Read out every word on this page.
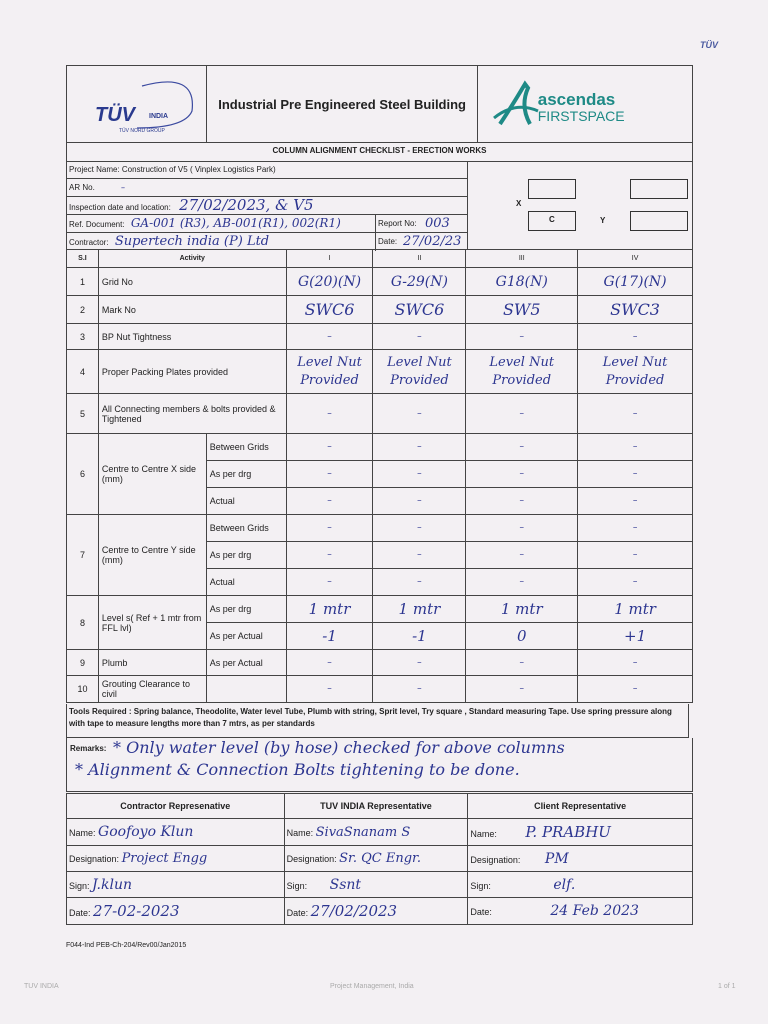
TÜV
TÜV INDIA
TÜV NORD GROUP
	Industrial Pre Engineered Steel Building	ascendas
FIRSTSPACE
COLUMN ALIGNMENT CHECKLIST - ERECTION WORKS
Project Name: Construction of V5 ( Vinplex Logistics Park)
AR No.	–
Inspection date and location: 27/02/2023, & V5
Ref. Document: GA-001 (R3), AB-001(R1), 002(R1)	Report No: 003
Contractor: Supertech india (P) Ltd	Date: 27/02/23
X
C	Y
S.I	Activity		I	II	III	IV
1	Grid No		G(20)(N)	G-29(N)	G18(N)	G(17)(N)
2	Mark No		SWC6	SWC6	SW5	SWC3
3	BP Nut Tightness		–	–	–	–
4	Proper Packing Plates provided		Level Nut Provided	Level Nut Provided	Level Nut Provided	Level Nut Provided
5	All Connecting members & bolts provided & Tightened		–	–	–	–
6	Centre to Centre X side (mm)	Between Grids	–	–	–	–
		As per drg	–	–	–	–
		Actual	–	–	–	–
7	Centre to Centre Y side (mm)	Between Grids	–	–	–	–
		As per drg	–	–	–	–
		Actual	–	–	–	–
8	Level s( Ref + 1 mtr from FFL lvl)	As per drg	1 mtr	1 mtr	1 mtr	1 mtr
		As per Actual	-1	-1	0	+1
9	Plumb	As per Actual	–	–	–	–
10	Grouting Clearance to civil		–	–	–	–
Tools Required : Spring balance, Theodolite, Water level Tube, Plumb with string, Sprit level, Try square , Standard measuring Tape. Use spring pressure along with tape to measure lengths more than 7 mtrs, as per standards
Remarks: * Only water level (by hose) checked for above columns
* Alignment & Connection Bolts tightening to be done.
Contractor Represenative	TUV INDIA Representative	Client Representative
Name: Goofoyo Klun	Name: SivaSnanam S	Name: P. PRABHU
Designation: Project Engg	Designation: Sr. QC Engr.	Designation: PM
Sign: J.klun	Sign: Ssnt	Sign: elf.
Date: 27-02-2023	Date: 27/02/2023	Date: 24 Feb 2023
F044-Ind PEB-Ch-204/Rev00/Jan2015
TUV INDIA	Project Management, India	1 of 1
